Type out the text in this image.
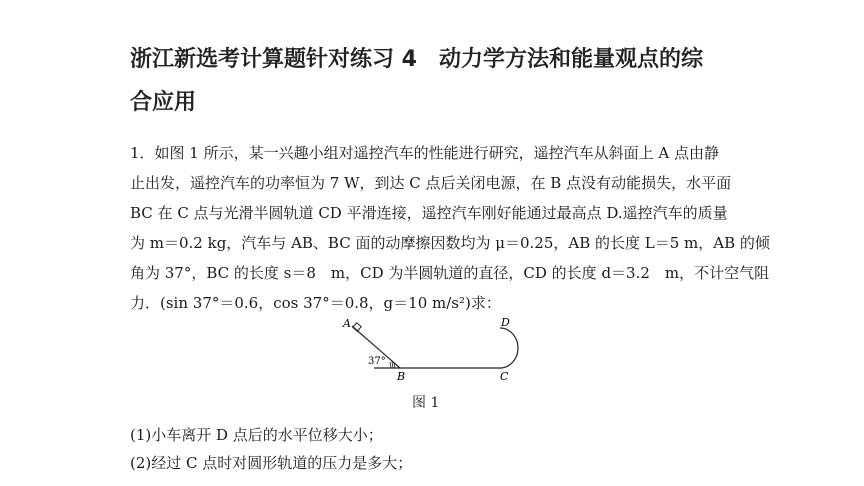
浙江新选考计算题针对练习 4　动力学方法和能量观点的综
合应用
1．如图 1 所示，某一兴趣小组对遥控汽车的性能进行研究，遥控汽车从斜面上 A 点由静
止出发，遥控汽车的功率恒为 7 W，到达 C 点后关闭电源，在 B 点没有动能损失，水平面
BC 在 C 点与光滑半圆轨道 CD 平滑连接，遥控汽车刚好能通过最高点 D.遥控汽车的质量
为 m＝0.2 kg，汽车与 AB、BC 面的动摩擦因数均为 μ＝0.25，AB 的长度 L＝5 m，AB 的倾
角为 37°，BC 的长度 s＝8　m，CD 为半圆轨道的直径，CD 的长度 d＝3.2　m，不计空气阻
力．(sin 37°＝0.6，cos 37°＝0.8，g＝10 m/s²)求：
A
B	C
D
37°
图 1
(1)小车离开 D 点后的水平位移大小；
(2)经过 C 点时对圆形轨道的压力是多大；
